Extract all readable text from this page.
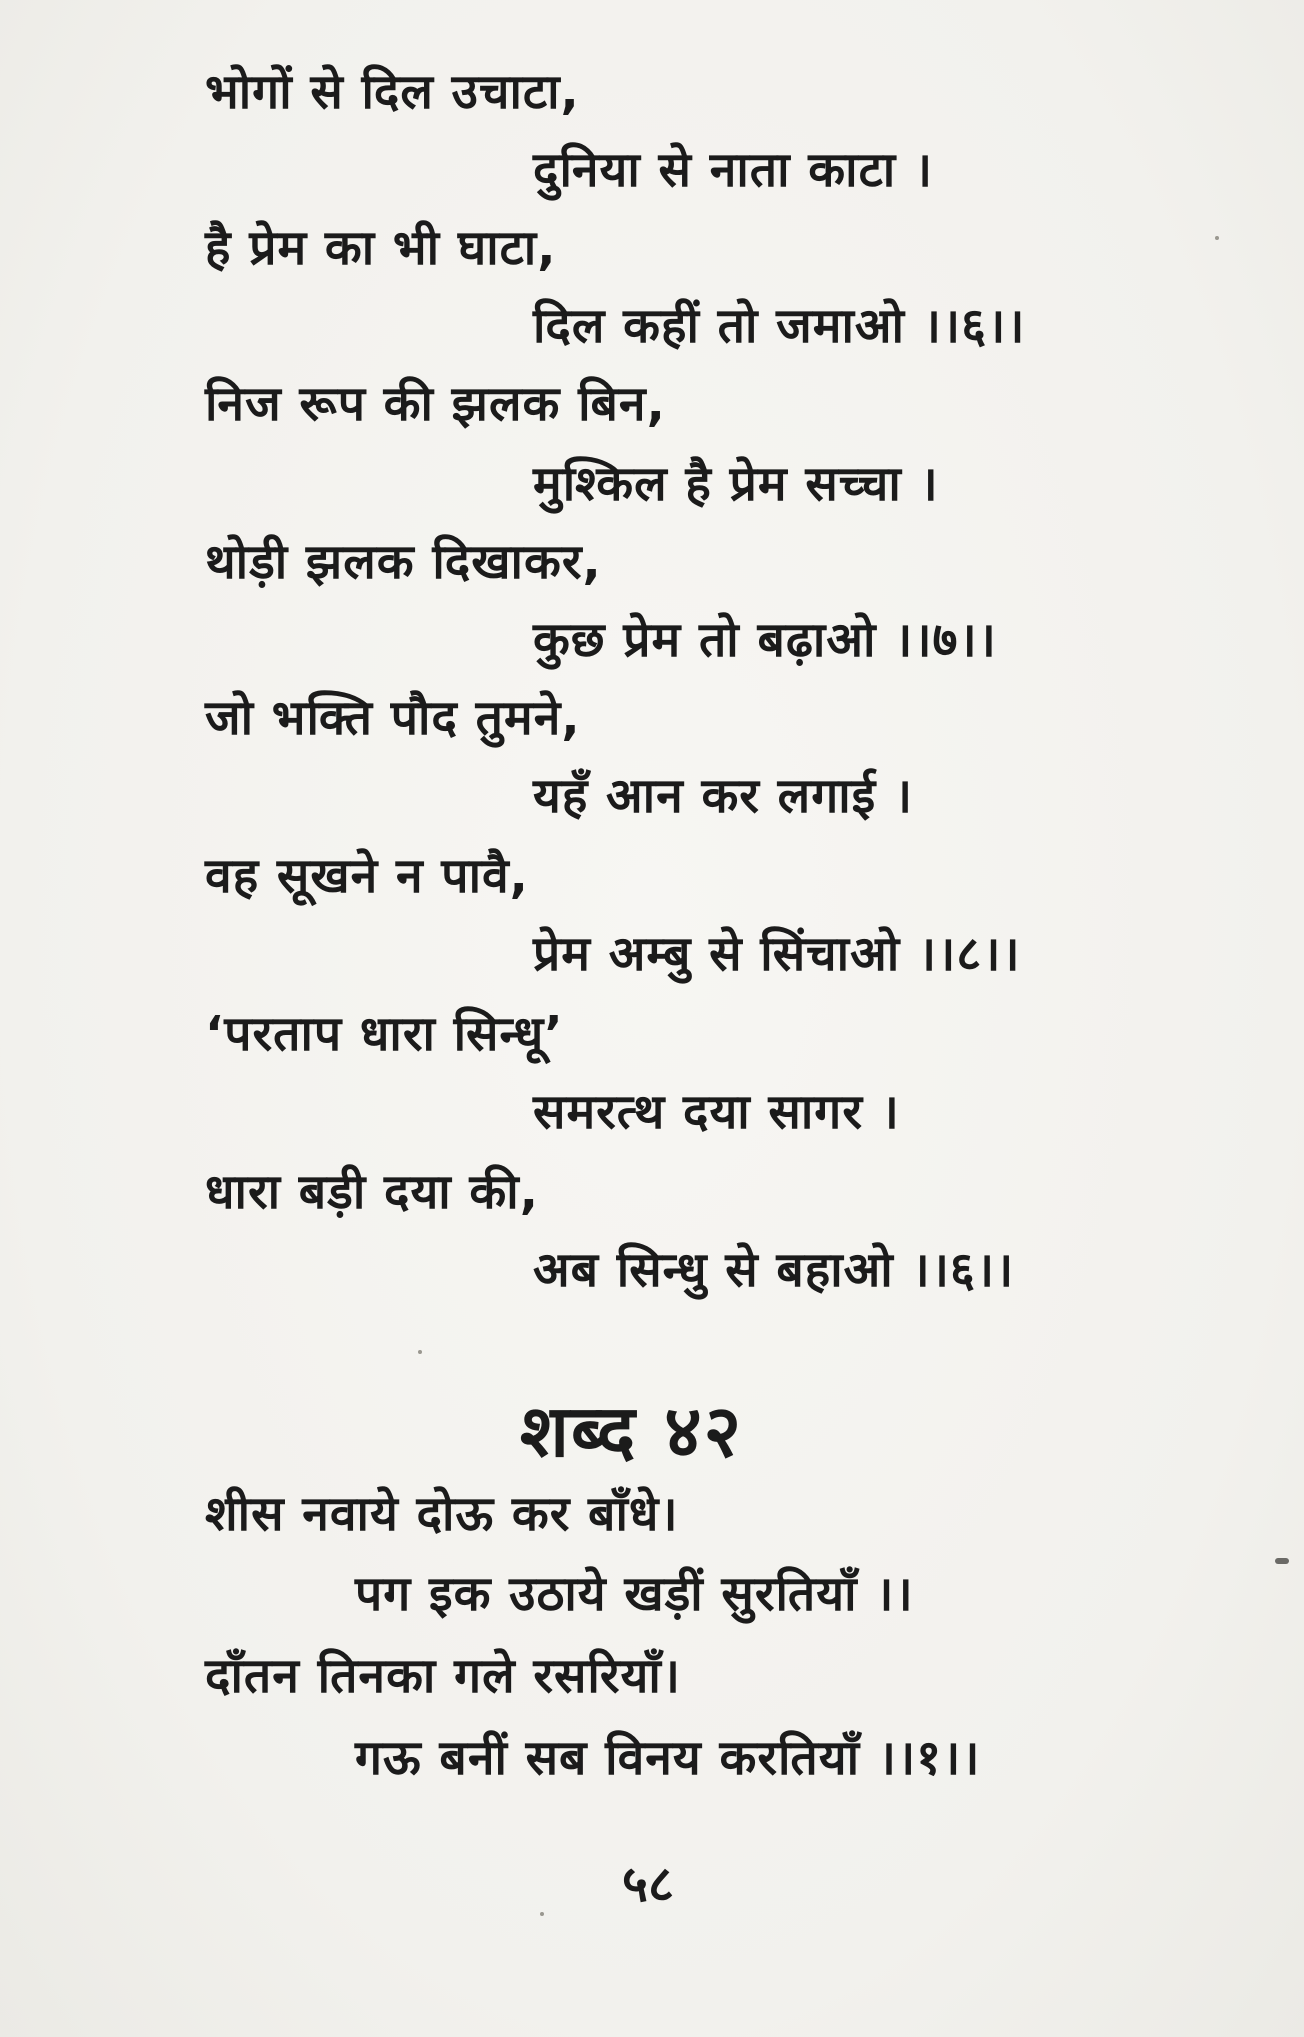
भोगों से दिल उचाटा,
दुनिया से नाता काटा ।
है प्रेम का भी घाटा,
दिल कहीं तो जमाओ ।।६।।
निज रूप की झलक बिन,
मुश्किल है प्रेम सच्चा ।
थोड़ी झलक दिखाकर,
कुछ प्रेम तो बढ़ाओ ।।७।।
जो भक्ति पौद तुमने,
यहँ आन कर लगाई ।
वह सूखने न पावै,
प्रेम अम्बु से सिंचाओ ।।८।।
‘परताप धारा सिन्धू’
समरत्थ दया सागर ।
धारा बड़ी दया की,
अब सिन्धु से बहाओ ।।६।।
शब्द ४२
शीस नवाये दोऊ कर बाँधे।
पग इक उठाये खड़ीं सुरतियाँ ।।
दाँतन तिनका गले रसरियाँ।
गऊ बनीं सब विनय करतियाँ ।।१।।
५८
